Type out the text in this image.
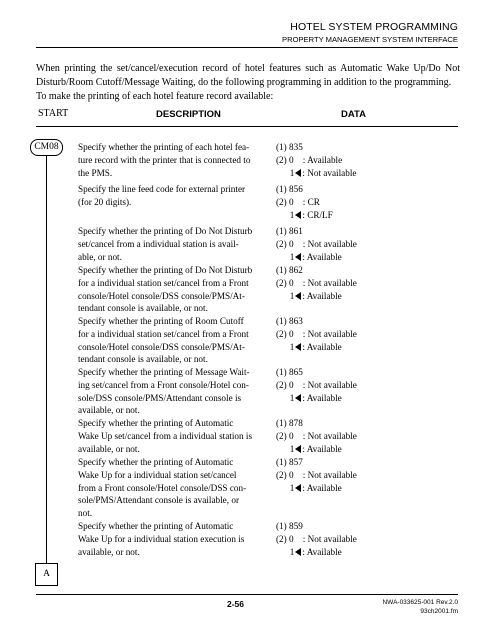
HOTEL SYSTEM PROGRAMMING
PROPERTY MANAGEMENT SYSTEM INTERFACE

When printing the set/cancel/execution record of hotel features such as Automatic Wake Up/Do Not Disturb/Room Cutoff/Message Waiting, do the following programming in addition to the programming.

To make the printing of each hotel feature record available:

START	DESCRIPTION	DATA
CM08
A
Specify whether the printing of each hotel fea-
ture record with the printer that is connected to
the PMS.
(1) 835
(2) 0    : Available
1 : Not available
Specify the line feed code for external printer
(for 20 digits).
(1) 856
(2) 0    : CR
1 : CR/LF
Specify whether the printing of Do Not Disturb
set/cancel from a individual station is avail-
able, or not.
(1) 861
(2) 0    : Not available
1 : Available
Specify whether the printing of Do Not Disturb
for a individual station set/cancel from a Front
console/Hotel console/DSS console/PMS/At-
tendant console is available, or not.
(1) 862
(2) 0    : Not available
1 : Available
Specify whether the printing of Room Cutoff
for a individual station set/cancel from a Front
console/Hotel console/DSS console/PMS/At-
tendant console is available, or not.
(1) 863
(2) 0    : Not available
1 : Available
Specify whether the printing of Message Wait-
ing set/cancel from a Front console/Hotel con-
sole/DSS console/PMS/Attendant console is
available, or not.
(1) 865
(2) 0    : Not available
1 : Available
Specify whether the printing of Automatic
Wake Up set/cancel from a individual station is
available, or not.
(1) 878
(2) 0    : Not available
1 : Available
Specify whether the printing of Automatic
Wake Up for a individual station set/cancel
from a Front console/Hotel console/DSS con-
sole/PMS/Attendant console is available, or
not.
(1) 857
(2) 0    : Not available
1 : Available
Specify whether the printing of Automatic
Wake Up for a individual station execution is
available, or not.
(1) 859
(2) 0    : Not available
1 : Available
2-56	NWA-033625-001 Rev.2.0
93ch2001.fm
